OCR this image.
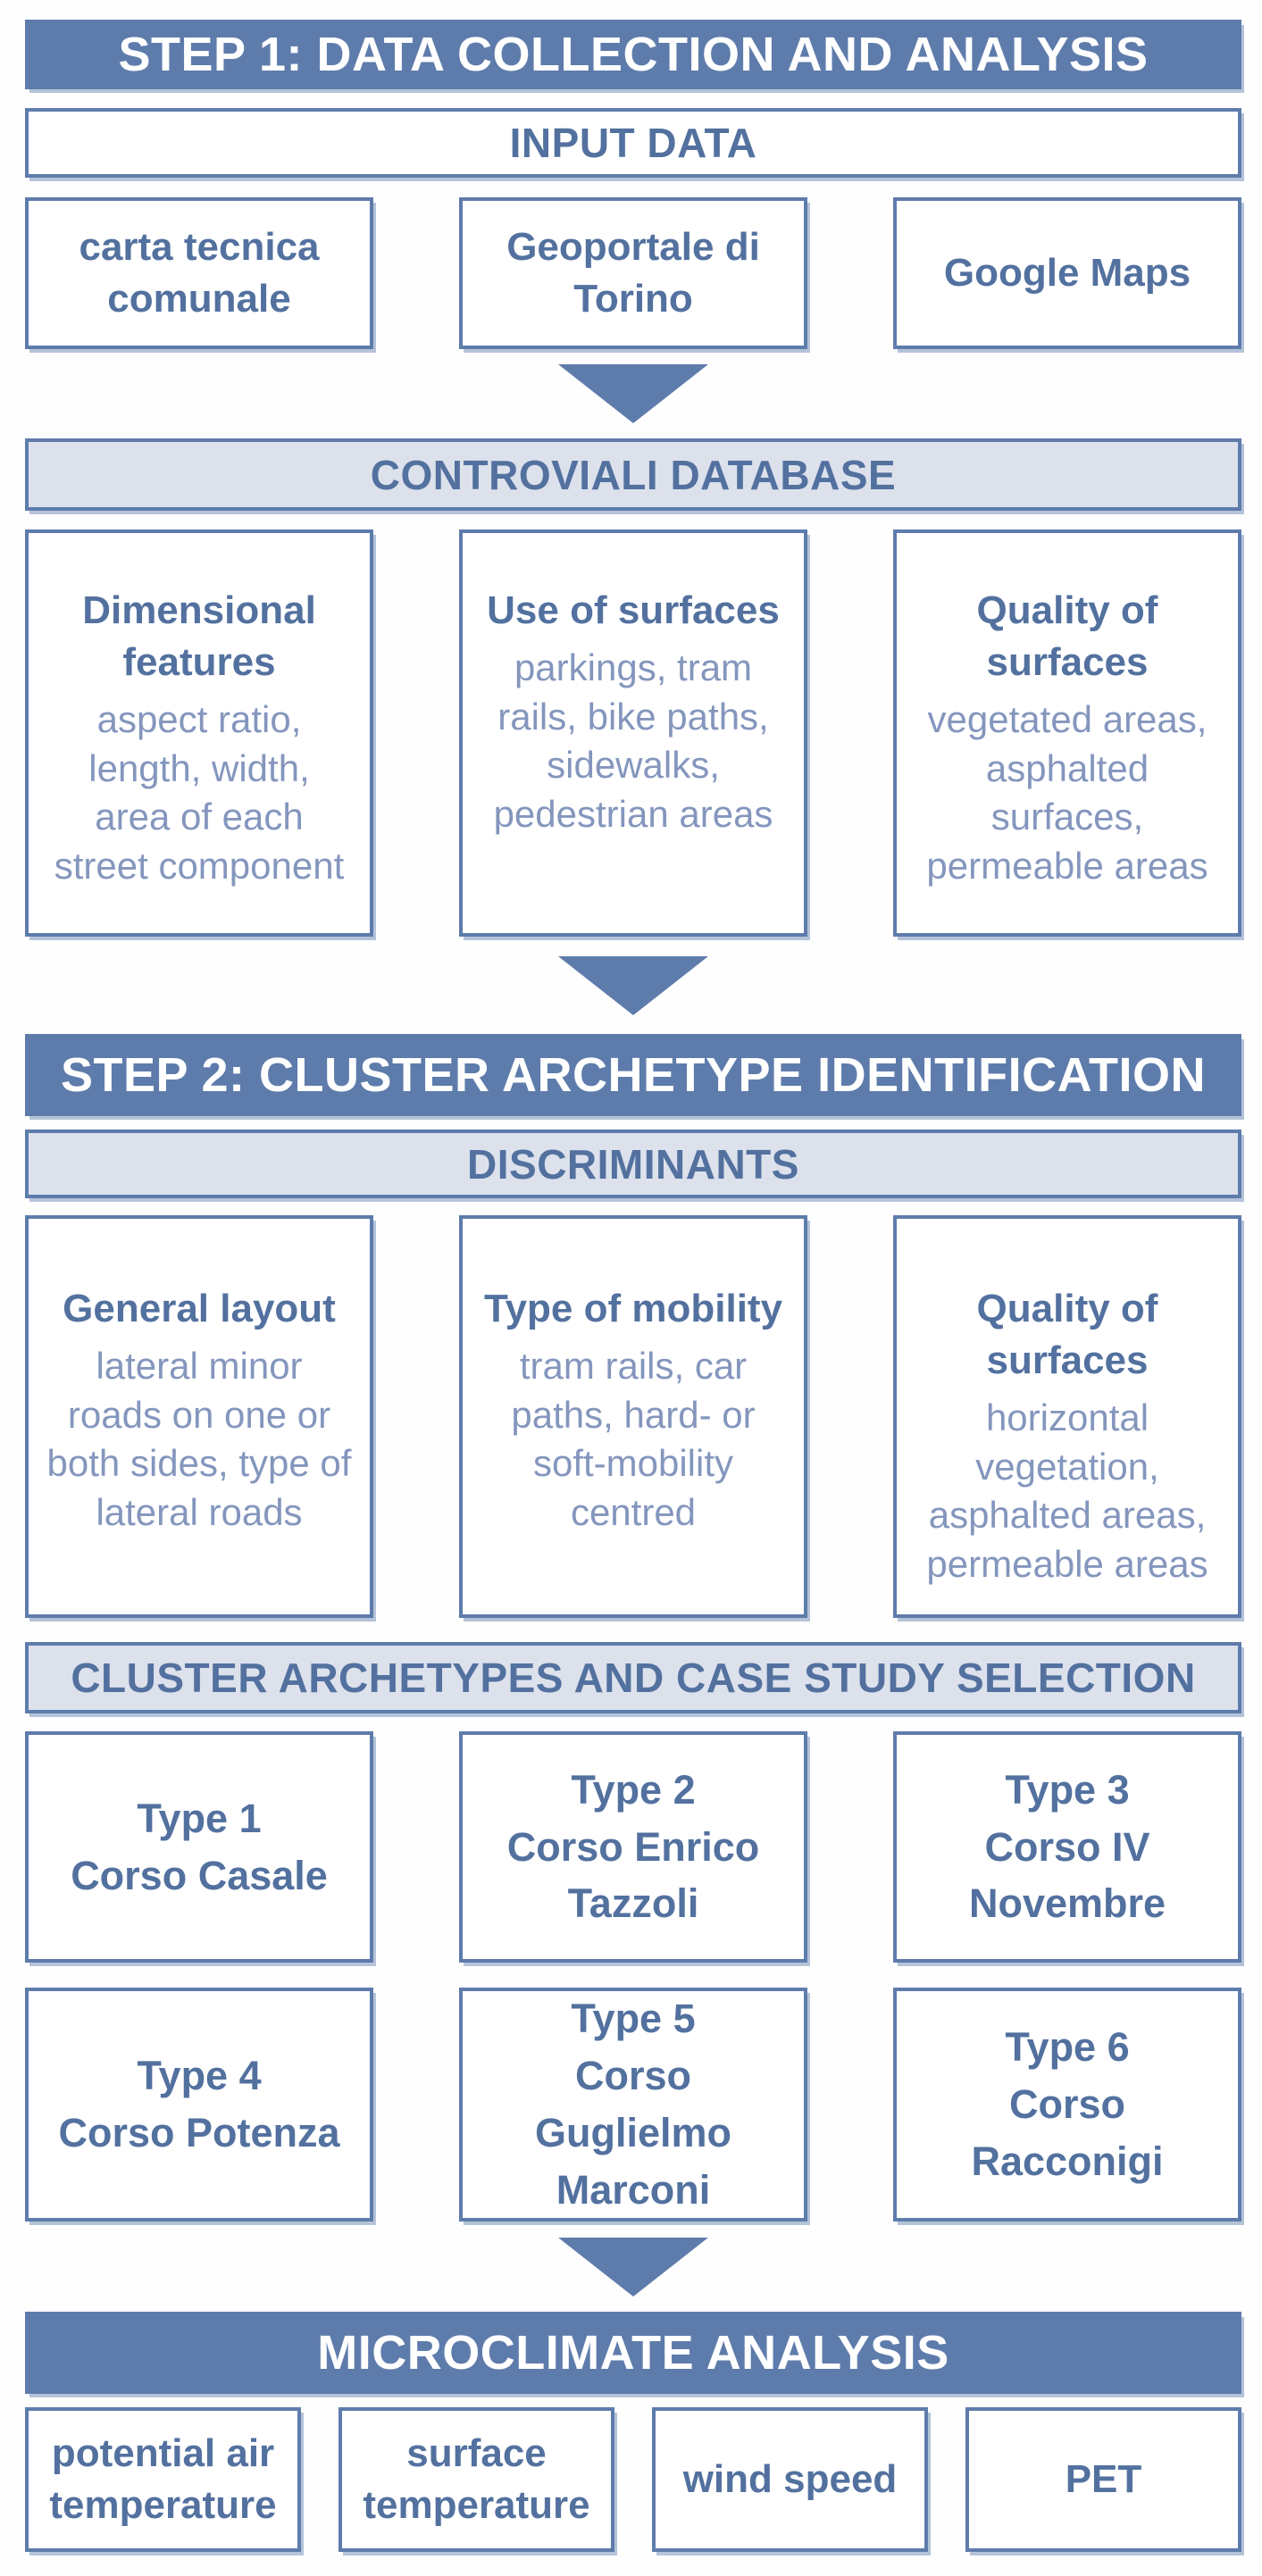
STEP 1: DATA COLLECTION AND ANALYSIS
INPUT DATA
carta tecnica comunale
Geoportale di Torino
Google Maps
CONTROVIALI DATABASE
Dimensional features
aspect ratio, length, width, area of each street component
Use of surfaces
parkings, tram rails, bike paths, sidewalks, pedestrian areas
Quality of surfaces
vegetated areas, asphalted surfaces, permeable areas
STEP 2: CLUSTER ARCHETYPE IDENTIFICATION
DISCRIMINANTS
General layout
lateral minor roads on one or both sides, type of lateral roads
Type of mobility
tram rails, car paths, hard- or soft-mobility centred
Quality of surfaces
horizontal vegetation, asphalted areas, permeable areas
CLUSTER ARCHETYPES AND CASE STUDY SELECTION
Type 1
Corso Casale
Type 2
Corso Enrico Tazzoli
Type 3
Corso IV Novembre
Type 4
Corso Potenza
Type 5
Corso Guglielmo Marconi
Type 6
Corso Racconigi
MICROCLIMATE ANALYSIS
potential air temperature
surface temperature
wind speed	PET
